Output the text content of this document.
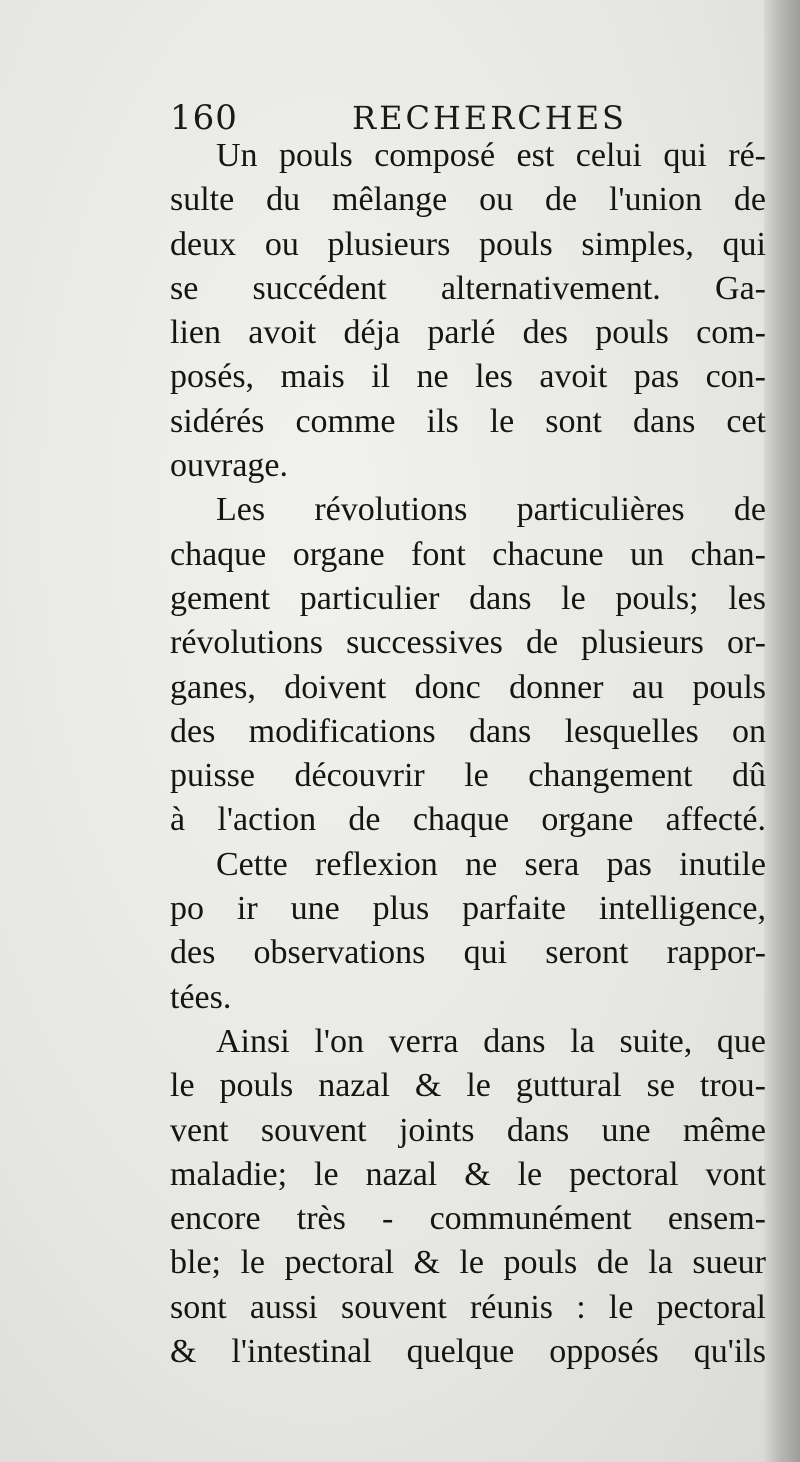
160	RECHERCHES
Un pouls composé est celui qui ré-
sulte du mêlange ou de l'union de
deux ou plusieurs pouls simples, qui
se succédent alternativement. Ga-
lien avoit déja parlé des pouls com-
posés, mais il ne les avoit pas con-
sidérés comme ils le sont dans cet
ouvrage.
Les révolutions particulières de
chaque organe font chacune un chan-
gement particulier dans le pouls; les
révolutions successives de plusieurs or-
ganes, doivent donc donner au pouls
des modifications dans lesquelles on
puisse découvrir le changement dû
à l'action de chaque organe affecté.
Cette reflexion ne sera pas inutile
po ir une plus parfaite intelligence,
des observations qui seront rappor-
tées.
Ainsi l'on verra dans la suite, que
le pouls nazal & le guttural se trou-
vent souvent joints dans une même
maladie; le nazal & le pectoral vont
encore très - communément ensem-
ble; le pectoral & le pouls de la sueur
sont aussi souvent réunis : le pectoral
& l'intestinal quelque opposés qu'ils
